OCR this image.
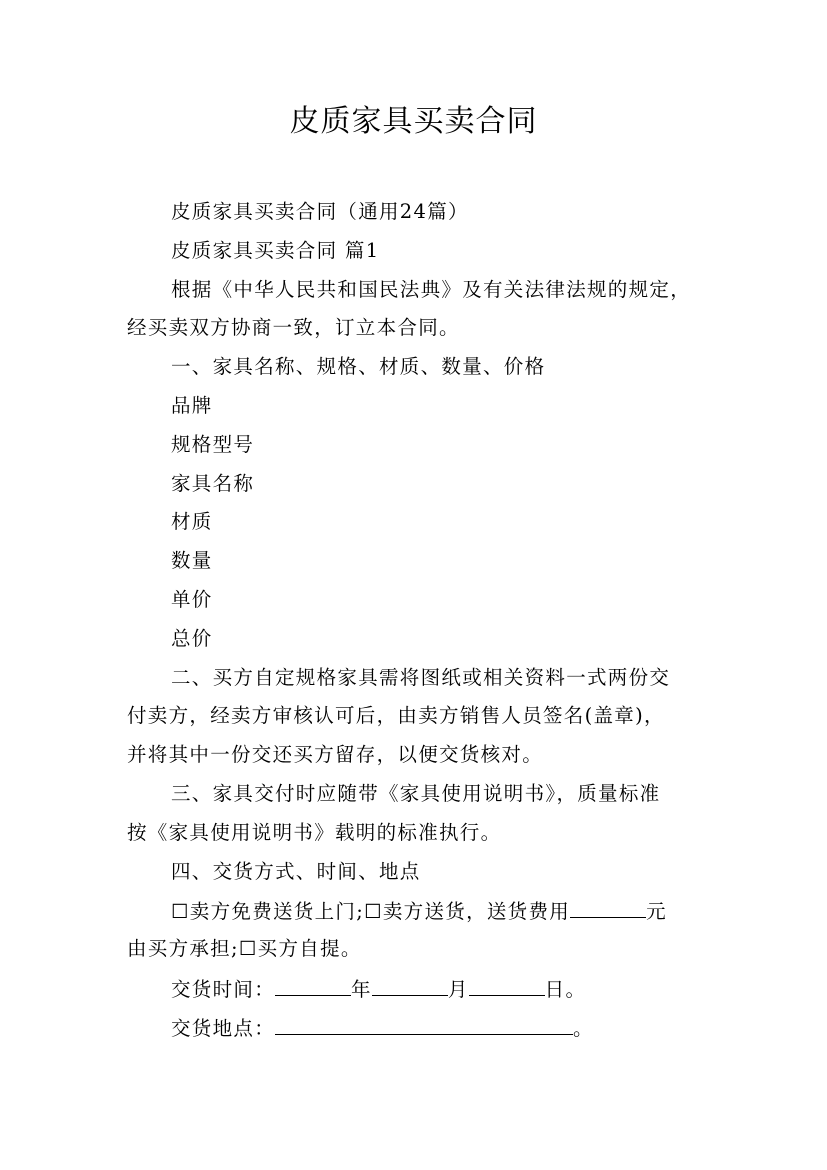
皮质家具买卖合同
皮质家具买卖合同（通用24篇）
皮质家具买卖合同 篇1
根据《中华人民共和国民法典》及有关法律法规的规定，
经买卖双方协商一致，订立本合同。
一、家具名称、规格、材质、数量、价格
品牌
规格型号
家具名称
材质
数量
单价
总价
二、买方自定规格家具需将图纸或相关资料一式两份交
付卖方，经卖方审核认可后，由卖方销售人员签名(盖章)，
并将其中一份交还买方留存，以便交货核对。
三、家具交付时应随带《家具使用说明书》，质量标准
按《家具使用说明书》载明的标准执行。
四、交货方式、时间、地点
☐卖方免费送货上门;☐卖方送货，送货费用	元
由买方承担;☐买方自提。
交货时间：	年	月	日。
交货地点：	。
